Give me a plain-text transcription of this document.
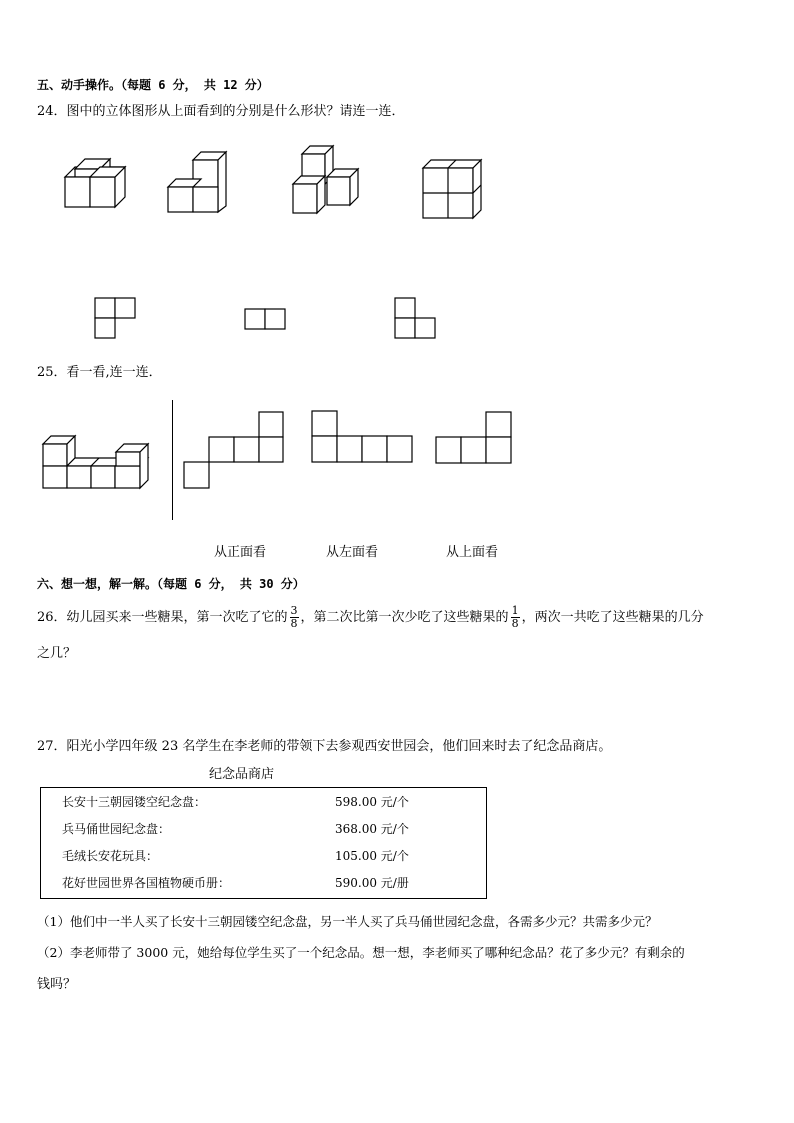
五、动手操作。（每题 6 分， 共 12 分）
24．图中的立体图形从上面看到的分别是什么形状？请连一连．
25．看一看,连一连．
从正面看	从左面看	从上面看
六、想一想，解一解。（每题 6 分， 共 30 分）
26．幼儿园买来一些糖果，第一次吃了它的 $\frac{3}{8}$ ，第二次比第一次少吃了这些糖果的 $\frac{1}{8}$ ，两次一共吃了这些糖果的几分
之几？
27．阳光小学四年级 23 名学生在李老师的带领下去参观西安世园会，他们回来时去了纪念品商店。
纪念品商店
长安十三朝园镂空纪念盘：	598.00 元/个
兵马俑世园纪念盘：	368.00 元/个
毛绒长安花玩具：	105.00 元/个
花好世园世界各国植物硬币册：	590.00 元/册
（1）他们中一半人买了长安十三朝园镂空纪念盘，另一半人买了兵马俑世园纪念盘，各需多少元？共需多少元？
（2）李老师带了 3000 元，她给每位学生买了一个纪念品。想一想，李老师买了哪种纪念品？花了多少元？有剩余的
钱吗？
